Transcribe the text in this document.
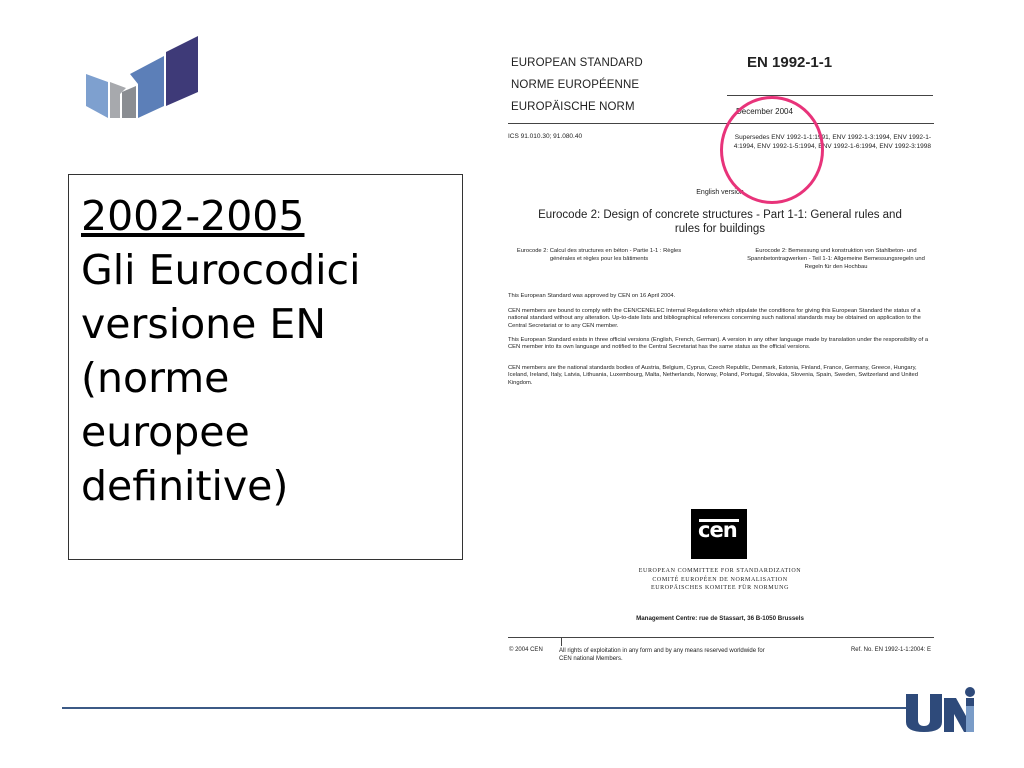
2002-2005
Gli Eurocodici
versione EN
(norme
europee
definitive)
EUROPEAN STANDARD
NORME EUROPÉENNE
EUROPÄISCHE NORM
EN 1992-1-1
December 2004
ICS 91.010.30; 91.080.40	Supersedes ENV 1992-1-1:1991, ENV 1992-1-3:1994, ENV 1992-1-4:1994, ENV 1992-1-5:1994, ENV 1992-1-6:1994, ENV 1992-3:1998
English version
Eurocode 2: Design of concrete structures - Part 1-1: General rules and rules for buildings
Eurocode 2: Calcul des structures en béton - Partie 1-1 : Règles générales et règles pour les bâtiments
Eurocode 2: Bemessung und konstruktion von Stahlbeton- und Spannbetontragwerken - Teil 1-1: Allgemeine Bemessungsregeln und Regeln für den Hochbau
This European Standard was approved by CEN on 16 April 2004.
CEN members are bound to comply with the CEN/CENELEC Internal Regulations which stipulate the conditions for giving this European Standard the status of a national standard without any alteration. Up-to-date lists and bibliographical references concerning such national standards may be obtained on application to the Central Secretariat or to any CEN member.
This European Standard exists in three official versions (English, French, German). A version in any other language made by translation under the responsibility of a CEN member into its own language and notified to the Central Secretariat has the same status as the official versions.
CEN members are the national standards bodies of Austria, Belgium, Cyprus, Czech Republic, Denmark, Estonia, Finland, France, Germany, Greece, Hungary, Iceland, Ireland, Italy, Latvia, Lithuania, Luxembourg, Malta, Netherlands, Norway, Poland, Portugal, Slovakia, Slovenia, Spain, Sweden, Switzerland and United Kingdom.
cen
EUROPEAN COMMITTEE FOR STANDARDIZATION
COMITÉ EUROPÉEN DE NORMALISATION
EUROPÄISCHES KOMITEE FÜR NORMUNG
Management Centre: rue de Stassart, 36 B-1050 Brussels
© 2004 CEN	All rights of exploitation in any form and by any means reserved worldwide for CEN national Members.
Ref. No. EN 1992-1-1:2004: E
